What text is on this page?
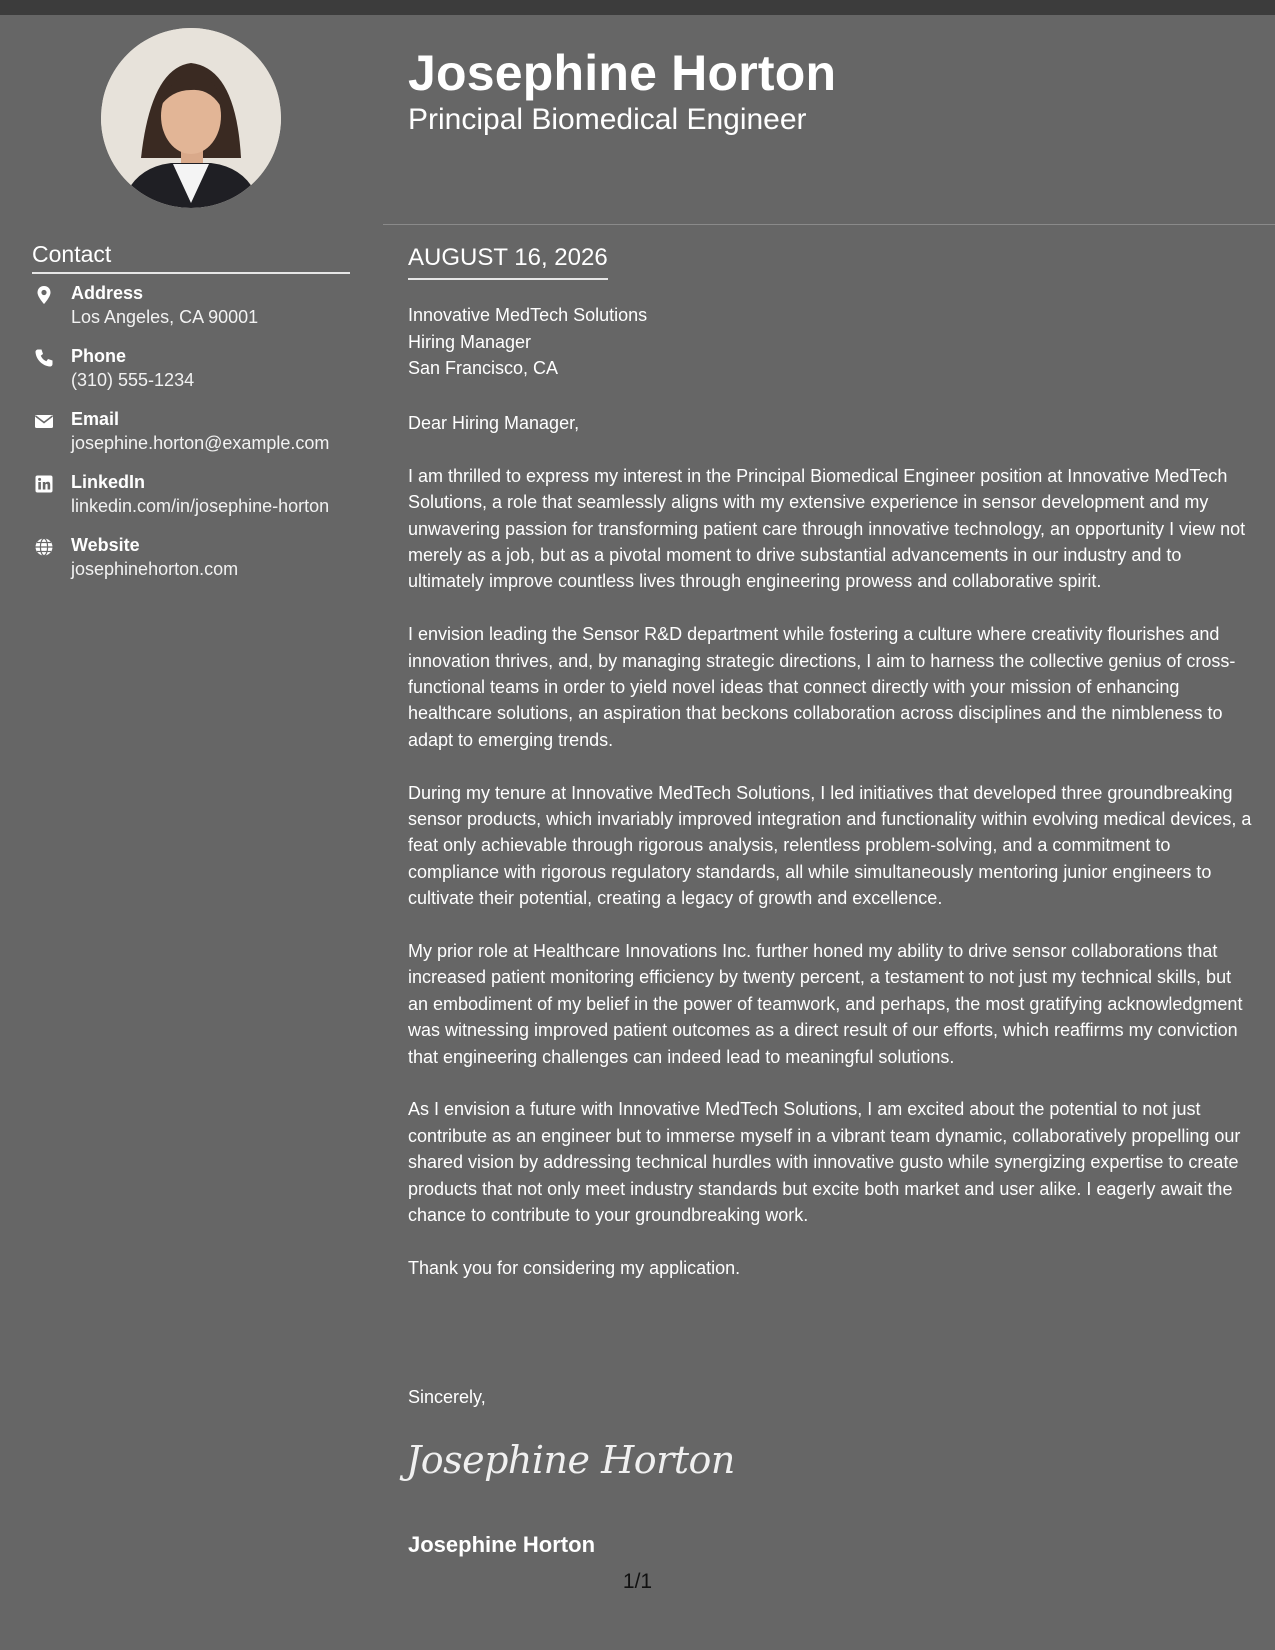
Contact
Address
Los Angeles, CA 90001
Phone
(310) 555-1234
Email
josephine.horton@example.com
LinkedIn
linkedin.com/in/josephine-horton
Website
josephinehorton.com
Josephine Horton
Principal Biomedical Engineer
AUGUST 16, 2026
Innovative MedTech Solutions
Hiring Manager
San Francisco, CA

Dear Hiring Manager,

I am thrilled to express my interest in the Principal Biomedical Engineer position at Innovative MedTech Solutions, a role that seamlessly aligns with my extensive experience in sensor development and my unwavering passion for transforming patient care through innovative technology, an opportunity I view not merely as a job, but as a pivotal moment to drive substantial advancements in our industry and to ultimately improve countless lives through engineering prowess and collaborative spirit.

I envision leading the Sensor R&D department while fostering a culture where creativity flourishes and innovation thrives, and, by managing strategic directions, I aim to harness the collective genius of cross-functional teams in order to yield novel ideas that connect directly with your mission of enhancing healthcare solutions, an aspiration that beckons collaboration across disciplines and the nimbleness to adapt to emerging trends.

During my tenure at Innovative MedTech Solutions, I led initiatives that developed three groundbreaking sensor products, which invariably improved integration and functionality within evolving medical devices, a feat only achievable through rigorous analysis, relentless problem-solving, and a commitment to compliance with rigorous regulatory standards, all while simultaneously mentoring junior engineers to cultivate their potential, creating a legacy of growth and excellence.

My prior role at Healthcare Innovations Inc. further honed my ability to drive sensor collaborations that increased patient monitoring efficiency by twenty percent, a testament to not just my technical skills, but an embodiment of my belief in the power of teamwork, and perhaps, the most gratifying acknowledgment was witnessing improved patient outcomes as a direct result of our efforts, which reaffirms my conviction that engineering challenges can indeed lead to meaningful solutions.

As I envision a future with Innovative MedTech Solutions, I am excited about the potential to not just contribute as an engineer but to immerse myself in a vibrant team dynamic, collaboratively propelling our shared vision by addressing technical hurdles with innovative gusto while synergizing expertise to create products that not only meet industry standards but excite both market and user alike. I eagerly await the chance to contribute to your groundbreaking work.

Thank you for considering my application.

Sincerely,
Josephine Horton
Josephine Horton
1/1
